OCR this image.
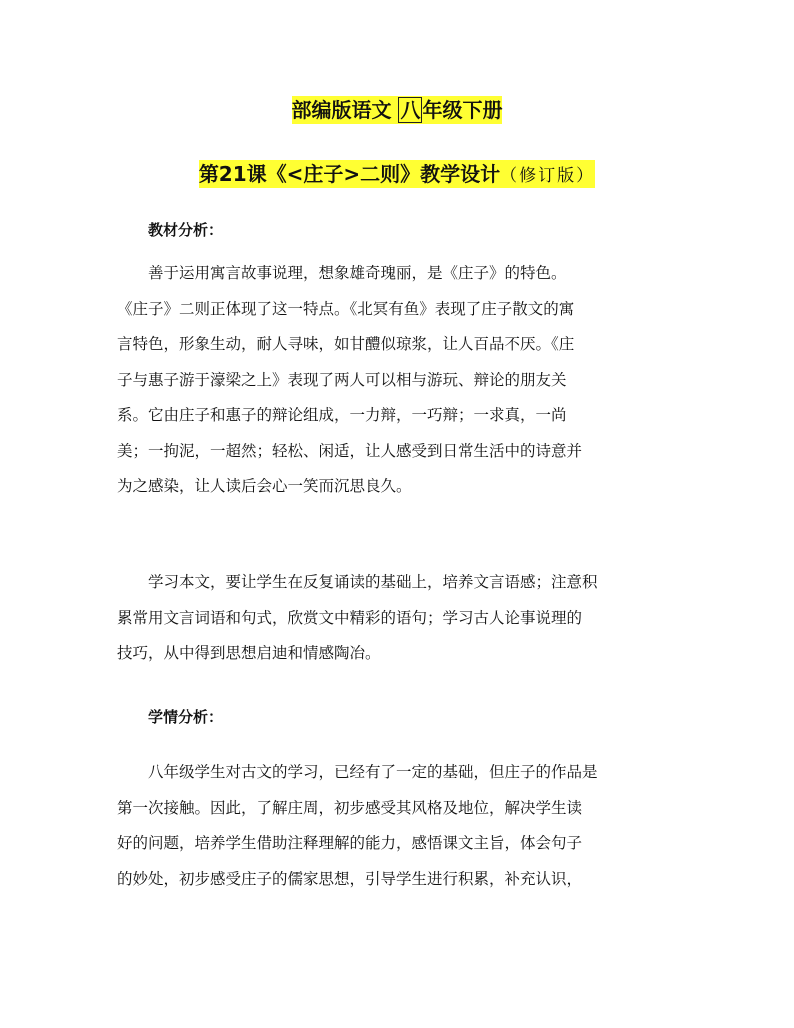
部编版语文 八 年级下册
第21课《<庄子>二则》教学设计（修订版）
教材分析：

善于运用寓言故事说理，想象雄奇瑰丽，是《庄子》的特色。
《庄子》二则正体现了这一特点。《北冥有鱼》表现了庄子散文的寓
言特色，形象生动，耐人寻味，如甘醴似琼浆，让人百品不厌。《庄
子与惠子游于濠梁之上》表现了两人可以相与游玩、辩论的朋友关
系。它由庄子和惠子的辩论组成，一力辩，一巧辩；一求真，一尚
美；一拘泥，一超然；轻松、闲适，让人感受到日常生活中的诗意并
为之感染，让人读后会心一笑而沉思良久。

学习本文，要让学生在反复诵读的基础上，培养文言语感；注意积
累常用文言词语和句式，欣赏文中精彩的语句；学习古人论事说理的
技巧，从中得到思想启迪和情感陶冶。

学情分析：

八年级学生对古文的学习，已经有了一定的基础，但庄子的作品是
第一次接触。因此，了解庄周，初步感受其风格及地位，解决学生读
好的问题，培养学生借助注释理解的能力，感悟课文主旨，体会句子
的妙处，初步感受庄子的儒家思想，引导学生进行积累，补充认识，
